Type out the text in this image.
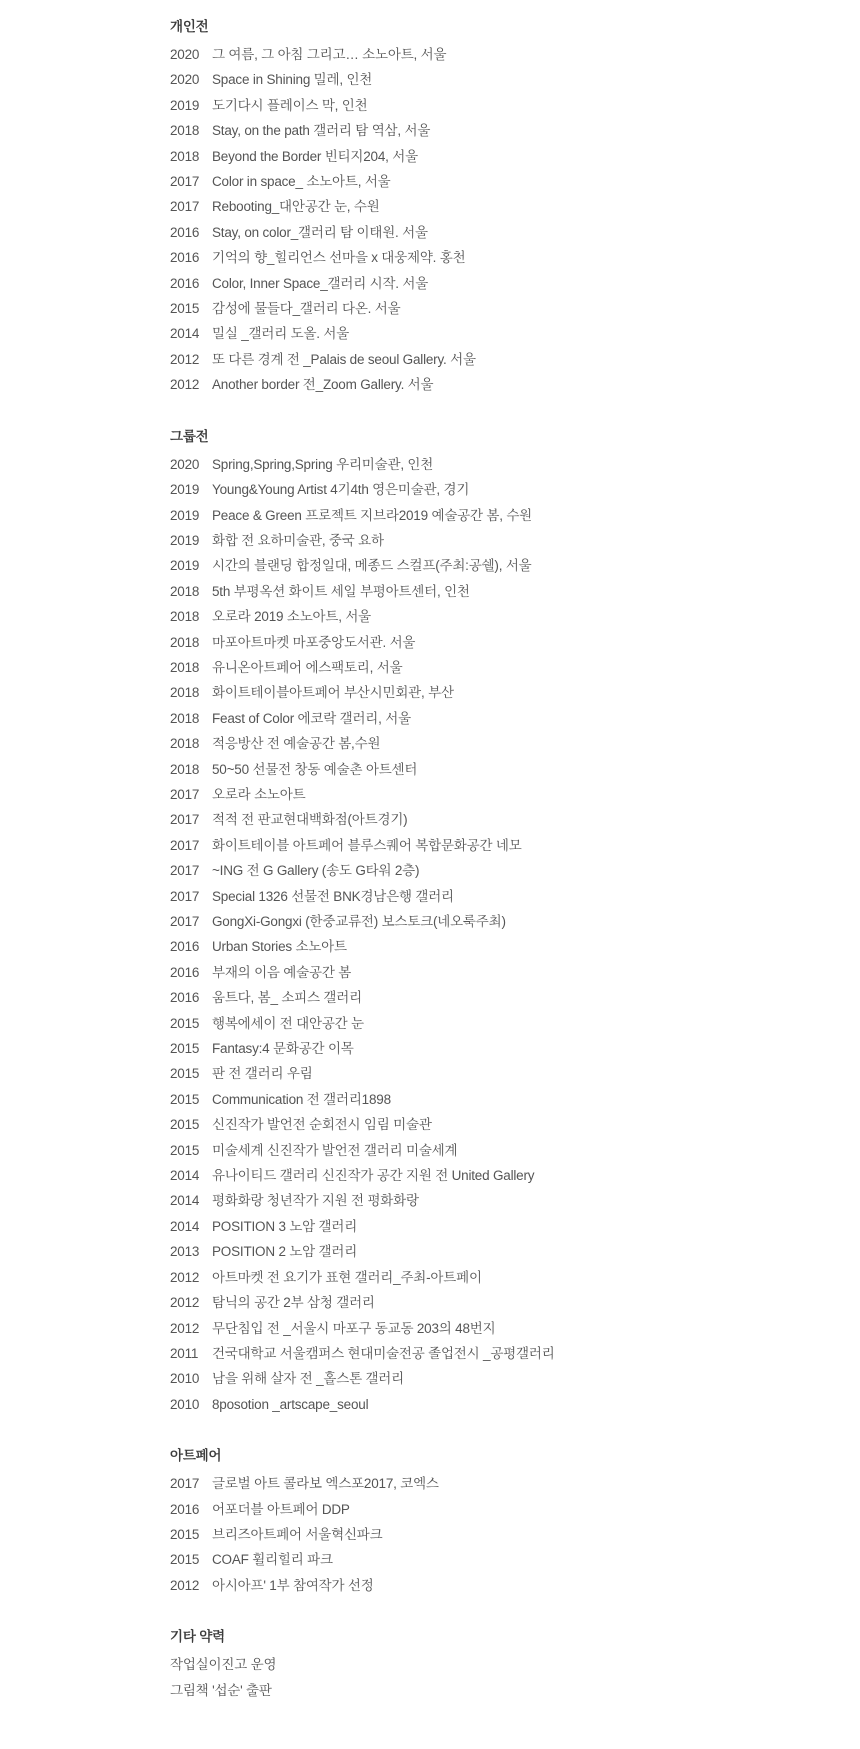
개인전
2020 그 여름, 그 아침 그리고… 소노아트, 서울
2020 Space in Shining 밀레, 인천
2019 도기다시 플레이스 막, 인천
2018 Stay, on the path 갤러리 탐 역삼, 서울
2018 Beyond the Border 빈티지204, 서울
2017 Color in space_ 소노아트, 서울
2017 Rebooting_대안공간 눈, 수원
2016 Stay, on color_갤러리 탐 이태원. 서울
2016 기억의 향_힐리언스 선마을 x 대웅제약. 홍천
2016 Color, Inner Space_갤러리 시작. 서울
2015 감성에 물들다_갤러리 다온. 서울
2014 밀실 _갤러리 도올. 서울
2012 또 다른 경계 전 _Palais de seoul Gallery. 서울
2012 Another border 전_Zoom Gallery. 서울
그룹전
2020 Spring,Spring,Spring 우리미술관, 인천
2019 Young&Young Artist 4기4th 영은미술관, 경기
2019 Peace & Green 프로젝트 지브라2019 예술공간 봄, 수원
2019 화합 전 요하미술관, 중국 요하
2019 시간의 블랜딩 합정일대, 메종드 스컬프(주최:공쉘), 서울
2018 5th 부평옥션 화이트 세일 부평아트센터, 인천
2018 오로라 2019 소노아트, 서울
2018 마포아트마켓 마포중앙도서관. 서울
2018 유니온아트페어 에스팩토리, 서울
2018 화이트테이블아트페어 부산시민회관, 부산
2018 Feast of Color 에코락 갤러리, 서울
2018 적응방산 전 예술공간 봄,수원
2018 50~50 선물전 창동 예술촌 아트센터
2017 오로라 소노아트
2017 적적 전 판교현대백화점(아트경기)
2017 화이트테이블 아트페어 블루스퀘어 복합문화공간 네모
2017 ~ING 전 G Gallery (송도 G타워 2층)
2017 Special 1326 선물전 BNK경남은행 갤러리
2017 GongXi-Gongxi (한중교류전) 보스토크(네오룩주최)
2016 Urban Stories 소노아트
2016 부재의 이음 예술공간 봄
2016 움트다, 봄_ 소피스 갤러리
2015 행복에세이 전 대안공간 눈
2015 Fantasy:4 문화공간 이목
2015 판 전 갤러리 우림
2015 Communication 전 갤러리1898
2015 신진작가 발언전 순회전시 임림 미술관
2015 미술세계 신진작가 발언전 갤러리 미술세계
2014 유나이티드 갤러리 신진작가 공간 지원 전 United Gallery
2014 평화화랑 청년작가 지원 전 평화화랑
2014 POSITION 3 노암 갤러리
2013 POSITION 2 노암 갤러리
2012 아트마켓 전 요기가 표현 갤러리_주최-아트페이
2012 탐닉의 공간 2부 삼청 갤러리
2012 무단침입 전 _서울시 마포구 동교동 203의 48번지
2011 건국대학교 서울캠퍼스 현대미술전공 졸업전시 _공평갤러리
2010 남을 위해 살자 전 _홀스톤 갤러리
2010 8posotion _artscape_seoul
아트페어
2017 글로벌 아트 콜라보 엑스포2017, 코엑스
2016 어포더블 아트페어 DDP
2015 브리즈아트페어 서울혁신파크
2015 COAF 휠리힐리 파크
2012 아시아프' 1부 참여작가 선정
기타 약력
작업실이진고 운영
그림책 '섭순' 출판
